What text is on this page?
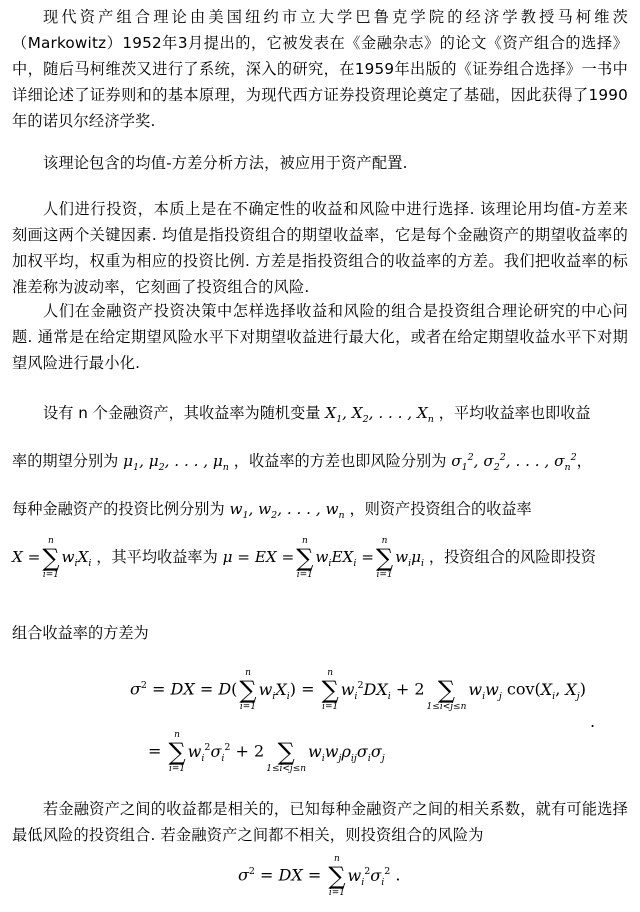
现代资产组合理论由美国纽约市立大学巴鲁克学院的经济学教授马柯维茨（Markowitz）1952年3月提出的，它被发表在《金融杂志》的论文《资产组合的选择》中，随后马柯维茨又进行了系统，深入的研究，在1959年出版的《证券组合选择》一书中详细论述了证券则和的基本原理，为现代西方证券投资理论奠定了基础，因此获得了1990年的诺贝尔经济学奖.

该理论包含的均值-方差分析方法，被应用于资产配置.

人们进行投资，本质上是在不确定性的收益和风险中进行选择. 该理论用均值-方差来刻画这两个关键因素. 均值是指投资组合的期望收益率，它是每个金融资产的期望收益率的加权平均，权重为相应的投资比例. 方差是指投资组合的收益率的方差。我们把收益率的标准差称为波动率，它刻画了投资组合的风险.

人们在金融资产投资决策中怎样选择收益和风险的组合是投资组合理论研究的中心问题. 通常是在给定期望风险水平下对期望收益进行最大化，或者在给定期望收益水平下对期望风险进行最小化.

设有 n 个金融资产，其收益率为随机变量 $X_1$, $X_2$, . . . , $X_n$ ，平均收益率也即收益
率的期望分别为 $\mu_1$, $\mu_2$, . . . , $\mu_n$ ，收益率的方差也即风险分别为 $\sigma_1^2$, $\sigma_2^2$, . . . , $\sigma_n^2$，
每种金融资产的投资比例分别为 $w_1$, $w_2$, . . . , $w_n$ ，则资产投资组合的收益率
X =
n
∑
i=1
$w_iX_i$ ，其平均收益率为 μ = EX =
n
∑
i=1
$w_iEX_i$ =
n
∑
i=1
$w_i\mu_i$ ，投资组合的风险即投资
组合收益率的方差为
$\sigma^2$ = DX = D(
n
∑
i=1
$w_iX_i$) =
n
∑
i=1
$w_i^2DX_i + 2$
∑
1≤i<j≤n
$w_iw_j$ $cov(X_i$, $X_j$)
.
=
n
∑
i=1
$w_i^2\sigma_i^2 + 2$
∑
1≤i<j≤n
$w_iw_j\rho_{ij}\sigma_i\sigma_j$

若金融资产之间的收益都是相关的，已知每种金融资产之间的相关系数，就有可能选择最低风险的投资组合. 若金融资产之间都不相关，则投资组合的风险为

$\sigma^2$ = DX =
n
∑
i=1
$w_i^2\sigma_i^2$ .
